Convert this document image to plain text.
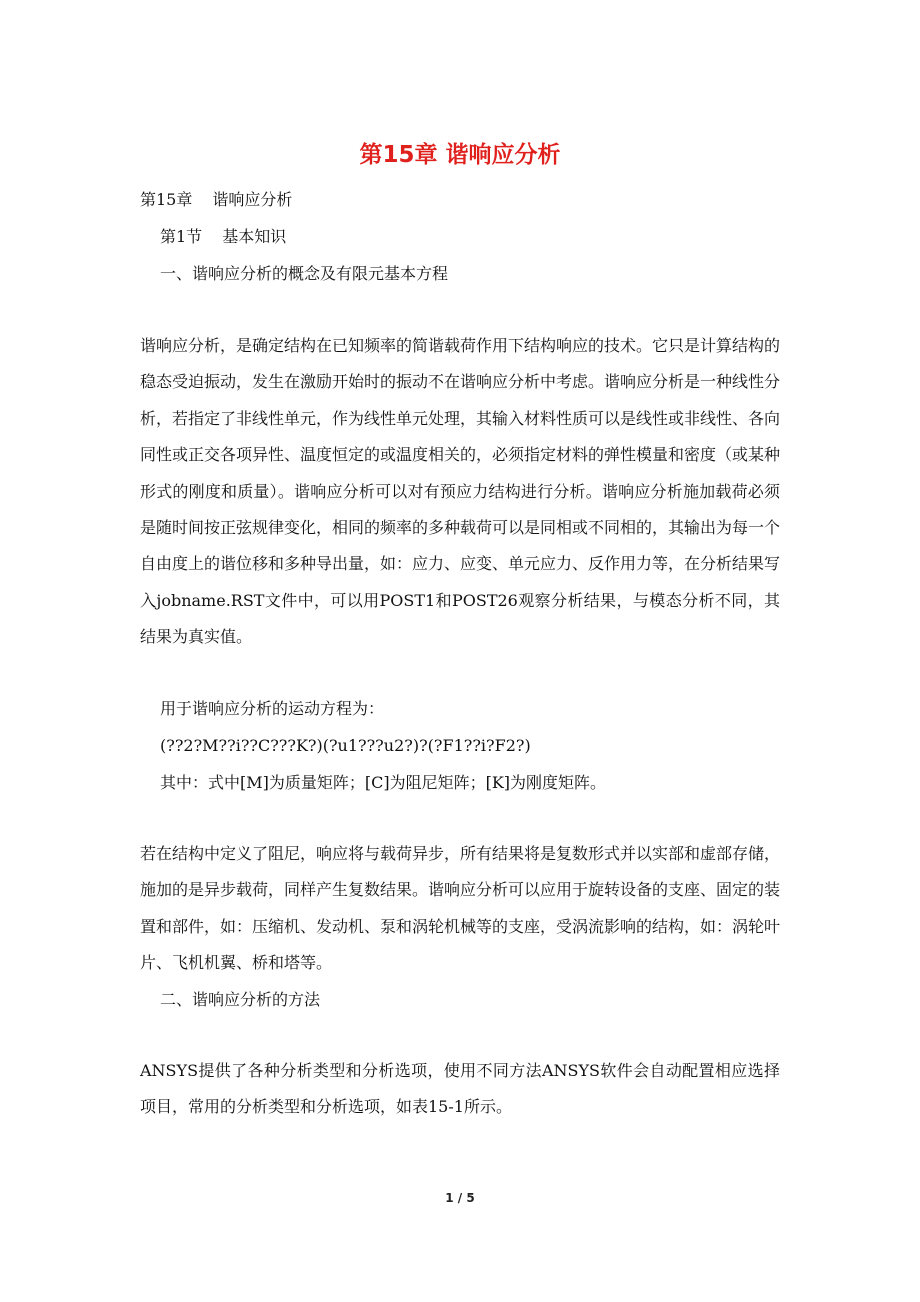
第15章 谐响应分析

第15章 谐响应分析

第1节 基本知识

一、谐响应分析的概念及有限元基本方程

谐响应分析，是确定结构在已知频率的简谐载荷作用下结构响应的技术。它只是计算结构的稳态受迫振动，发生在激励开始时的振动不在谐响应分析中考虑。谐响应分析是一种线性分析，若指定了非线性单元，作为线性单元处理，其输入材料性质可以是线性或非线性、各向同性或正交各项异性、温度恒定的或温度相关的，必须指定材料的弹性模量和密度（或某种形式的刚度和质量）。谐响应分析可以对有预应力结构进行分析。谐响应分析施加载荷必须是随时间按正弦规律变化，相同的频率的多种载荷可以是同相或不同相的，其输出为每一个自由度上的谐位移和多种导出量，如：应力、应变、单元应力、反作用力等，在分析结果写入jobname.RST文件中，可以用POST1和POST26观察分析结果，与模态分析不同，其结果为真实值。

用于谐响应分析的运动方程为：

(??2?M??i??C???K?)(?u1???u2?)?(?F1??i?F2?)

其中：式中[M]为质量矩阵；[C]为阻尼矩阵；[K]为刚度矩阵。

若在结构中定义了阻尼，响应将与载荷异步，所有结果将是复数形式并以实部和虚部存储，施加的是异步载荷，同样产生复数结果。谐响应分析可以应用于旋转设备的支座、固定的装置和部件，如：压缩机、发动机、泵和涡轮机械等的支座，受涡流影响的结构，如：涡轮叶片、飞机机翼、桥和塔等。

二、谐响应分析的方法

ANSYS提供了各种分析类型和分析选项，使用不同方法ANSYS软件会自动配置相应选择项目，常用的分析类型和分析选项，如表15-1所示。

1 / 5
